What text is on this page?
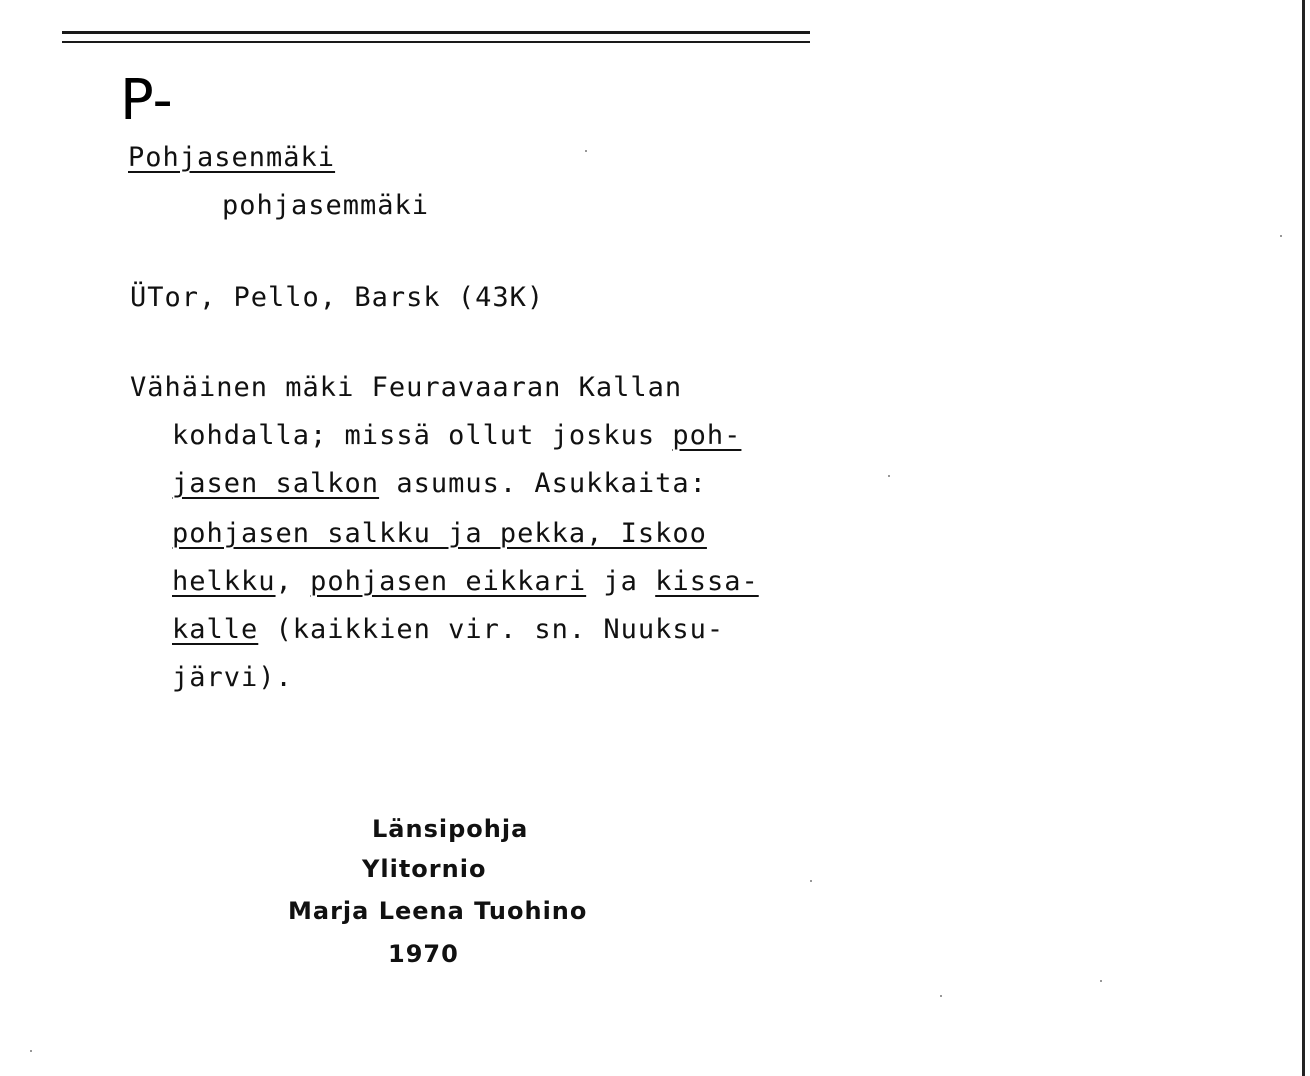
P-
Pohjasenmäki
pohjasemmäki
ÜTor, Pello, Barsk (43K)
Vähäinen mäki Feuravaaran Kallan
kohdalla; missä ollut joskus poh-
jasen salkon asumus. Asukkaita:
pohjasen salkku ja pekka, Iskoo
helkku, pohjasen eikkari ja kissa-
kalle (kaikkien vir. sn. Nuuksu-
järvi).
Länsipohja
Ylitornio
Marja Leena Tuohino
1970
